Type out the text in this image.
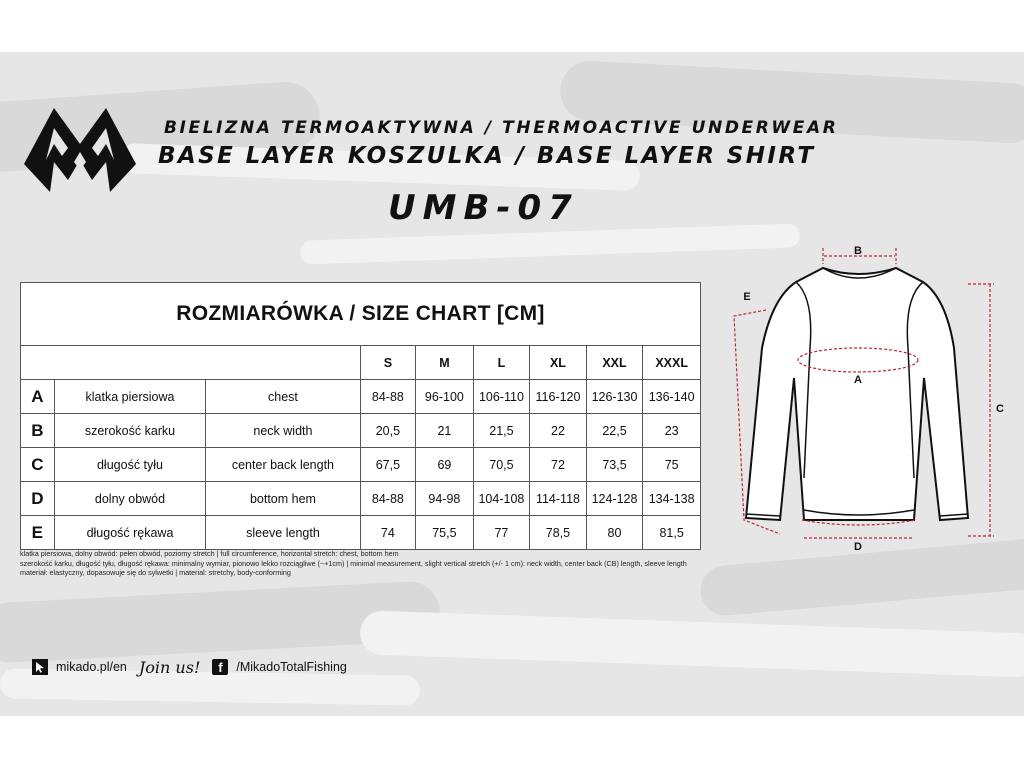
BIELIZNA TERMOAKTYWNA / THERMOACTIVE UNDERWEAR
BASE LAYER KOSZULKA / BASE LAYER SHIRT
UMB-07
ROZMIARÓWKA / SIZE CHART [CM]								
			S	M	L	XL	XXL	XXXL
A	klatka piersiowa	chest	84-88	96-100	106-110	116-120	126-130	136-140
B	szerokość karku	neck width	20,5	21	21,5	22	22,5	23
C	długość tyłu	center back length	67,5	69	70,5	72	73,5	75
D	dolny obwód	bottom hem	84-88	94-98	104-108	114-118	124-128	134-138
E	długość rękawa	sleeve length	74	75,5	77	78,5	80	81,5
klatka piersiowa, dolny obwód: pełen obwód, poziomy stretch | full circumference, horizontal stretch: chest, bottom hem
szerokość karku, długość tyłu, długość rękawa: minimalny wymiar, pionowo lekko rozciągliwe (~+1cm) | minimal measurement, slight vertical stretch (+/- 1 cm): neck width, center back (CB) length, sleeve length
materiał: elastyczny, dopasowuje się do sylwetki | material: stretchy, body-conforming
B
A
C
D
E
mikado.pl/en Join us!	f	/MikadoTotalFishing
